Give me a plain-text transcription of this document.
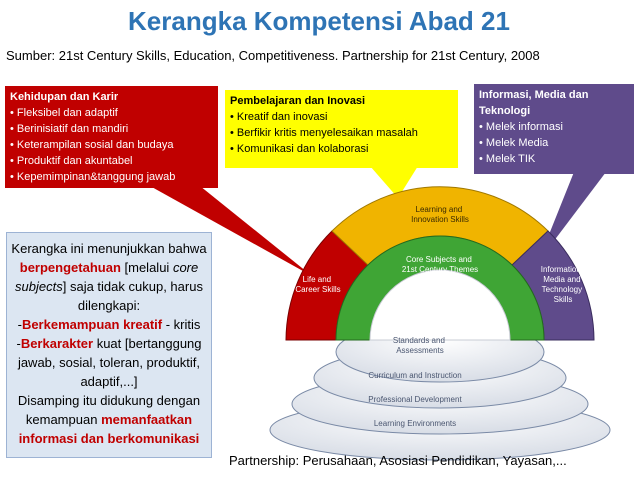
Kerangka Kompetensi Abad 21
Sumber: 21st Century Skills, Education, Competitiveness. Partnership for 21st Century, 2008
Life and Career Skills
Learning and Innovation Skills
Information, Media and Technology Skills
Core Subjects and 21st Century Themes
Standards and Assessments
Curriculum and Instruction
Professional Development
Learning Environments
Kehidupan dan Karir
• Fleksibel dan adaptif
• Berinisiatif dan mandiri
• Keterampilan sosial dan budaya
• Produktif dan akuntabel
• Kepemimpinan&tanggung jawab
Pembelajaran dan Inovasi
• Kreatif dan inovasi
• Berfikir kritis menyelesaikan masalah
• Komunikasi dan kolaborasi
Informasi, Media dan Teknologi
• Melek informasi
• Melek Media
• Melek TIK
Kerangka ini menunjukkan bahwa berpengetahuan [melalui core subjects] saja tidak cukup, harus dilengkapi:
-Berkemampuan kreatif - kritis
-Berkarakter kuat [bertanggung jawab, sosial, toleran, produktif, adaptif,...]
Disamping itu didukung dengan kemampuan memanfaatkan informasi dan berkomunikasi
Partnership: Perusahaan, Asosiasi Pendidikan, Yayasan,...
